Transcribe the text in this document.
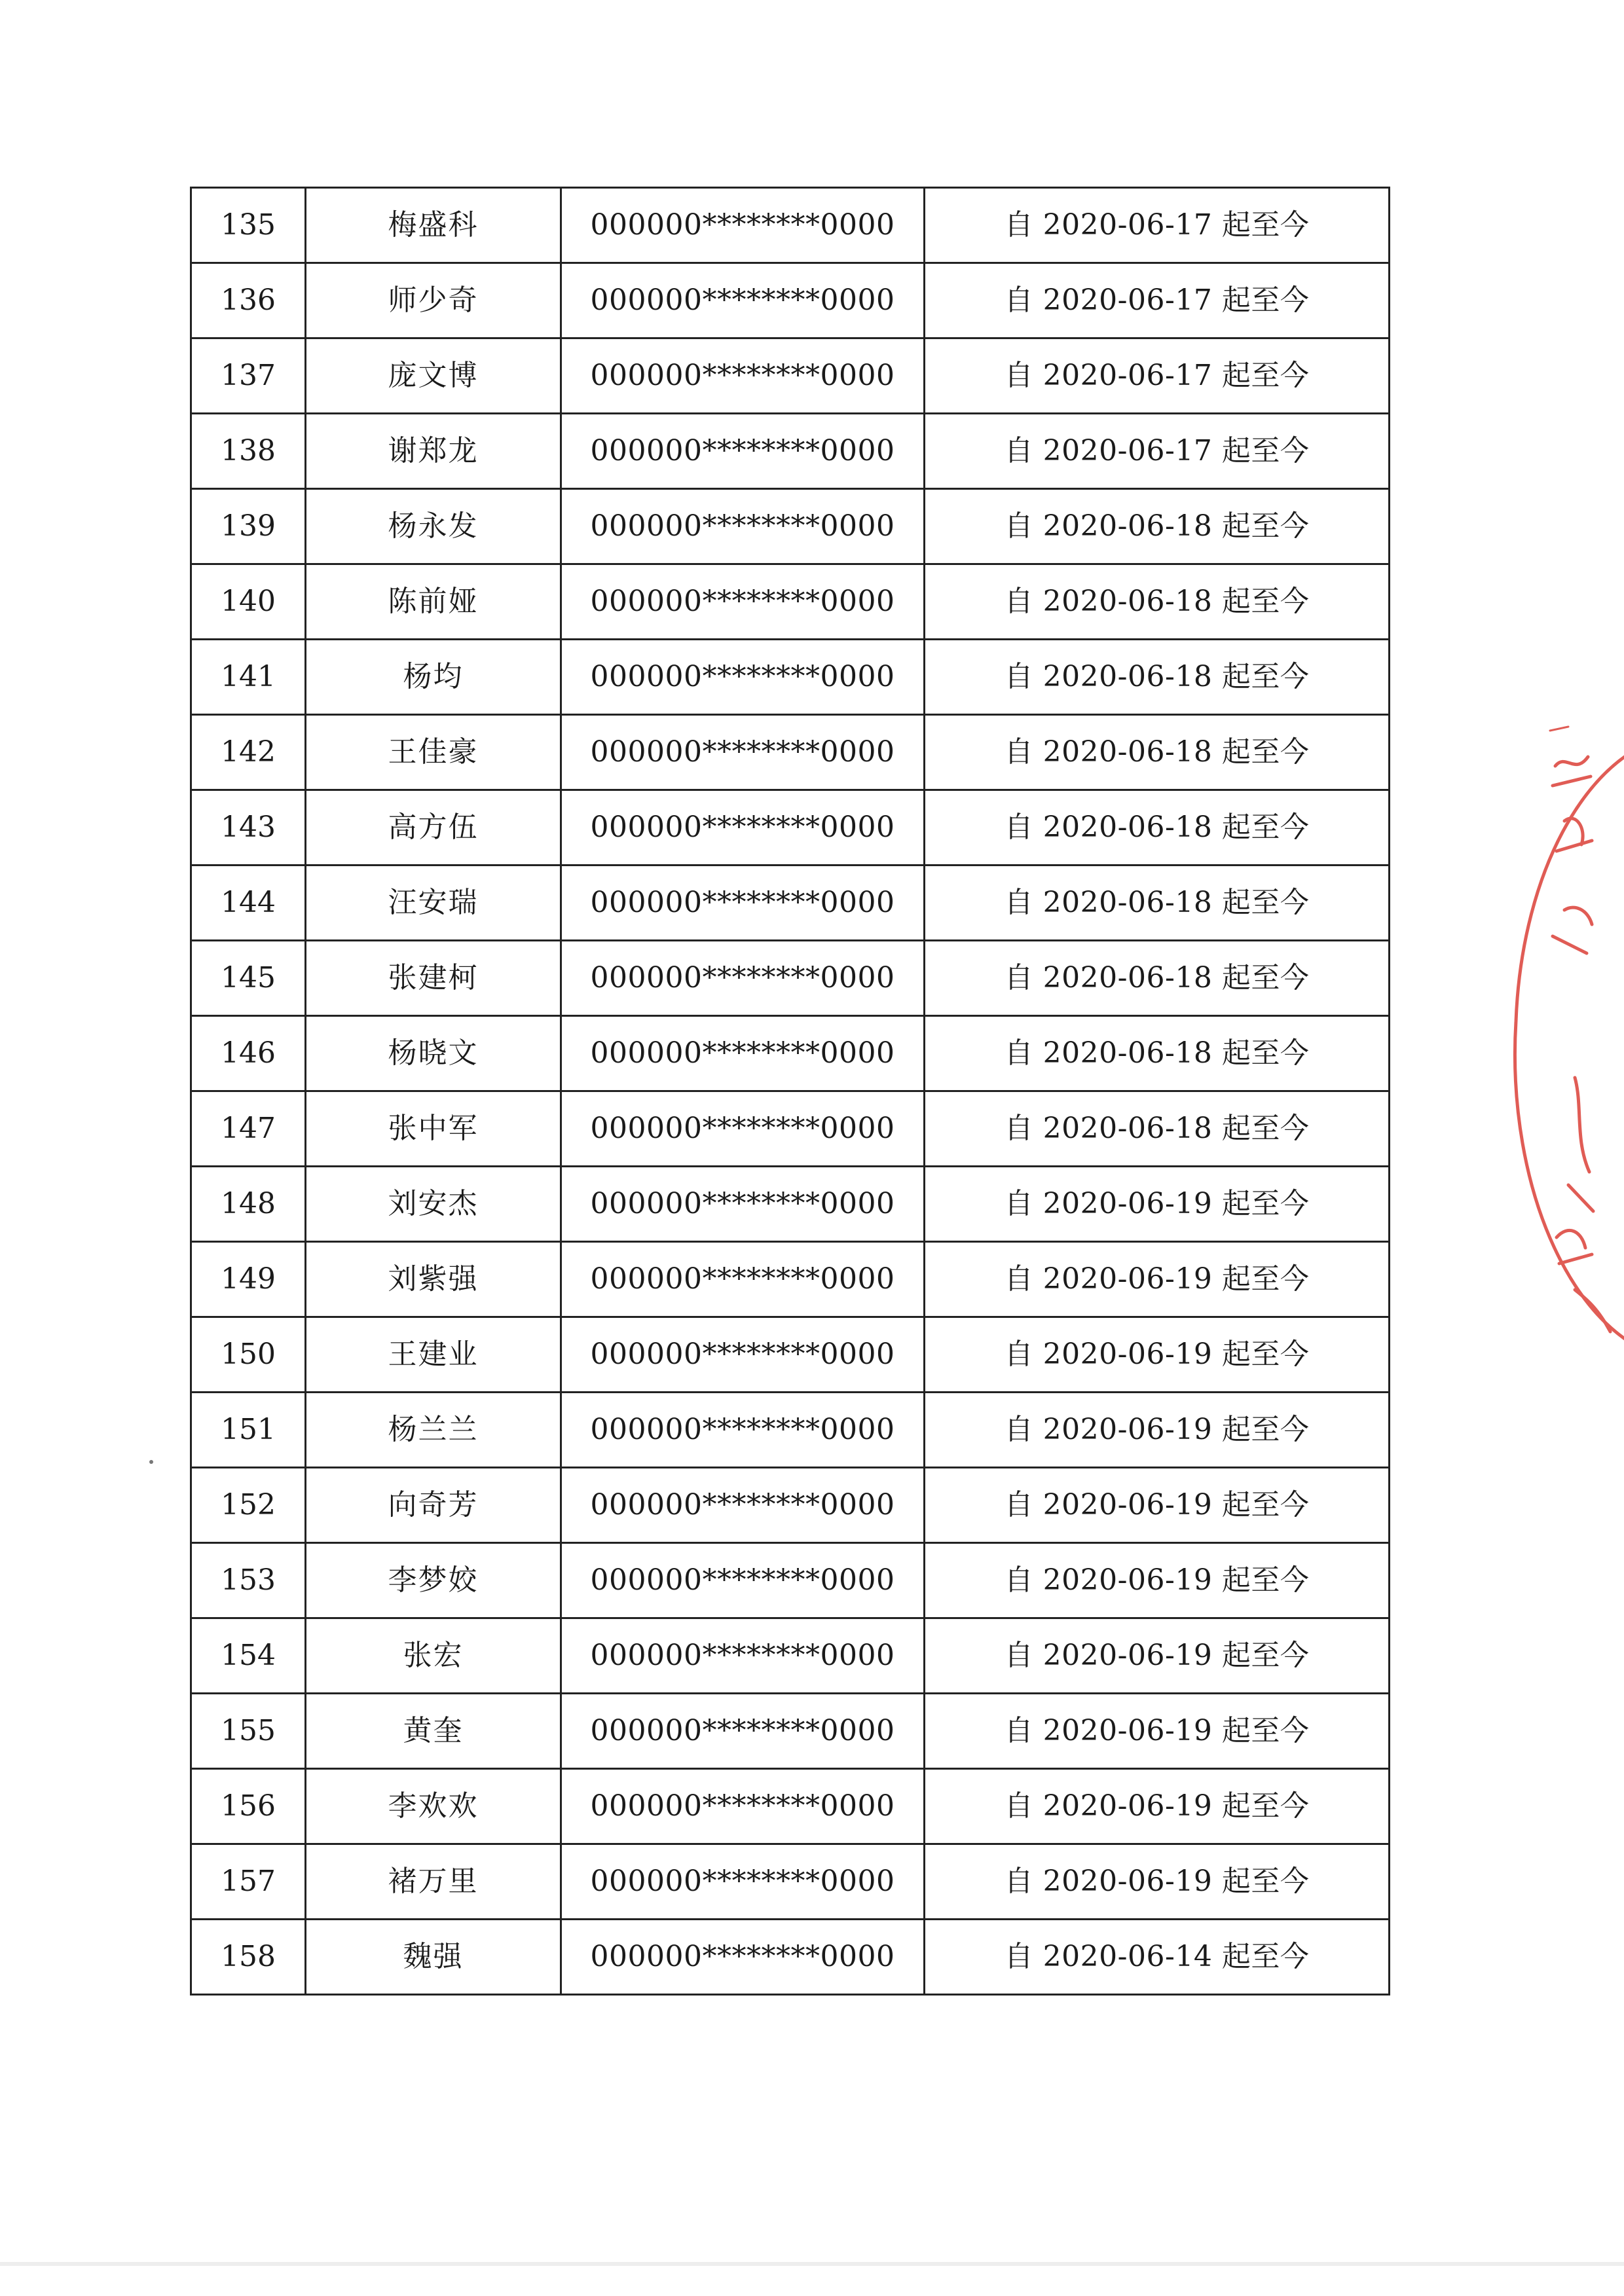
135	梅盛科	000000********0000	自 2020-06-17 起至今
136	师少奇	000000********0000	自 2020-06-17 起至今
137	庞文博	000000********0000	自 2020-06-17 起至今
138	谢郑龙	000000********0000	自 2020-06-17 起至今
139	杨永发	000000********0000	自 2020-06-18 起至今
140	陈前娅	000000********0000	自 2020-06-18 起至今
141	杨均	000000********0000	自 2020-06-18 起至今
142	王佳豪	000000********0000	自 2020-06-18 起至今
143	高方伍	000000********0000	自 2020-06-18 起至今
144	汪安瑞	000000********0000	自 2020-06-18 起至今
145	张建柯	000000********0000	自 2020-06-18 起至今
146	杨晓文	000000********0000	自 2020-06-18 起至今
147	张中军	000000********0000	自 2020-06-18 起至今
148	刘安杰	000000********0000	自 2020-06-19 起至今
149	刘紫强	000000********0000	自 2020-06-19 起至今
150	王建业	000000********0000	自 2020-06-19 起至今
151	杨兰兰	000000********0000	自 2020-06-19 起至今
152	向奇芳	000000********0000	自 2020-06-19 起至今
153	李梦姣	000000********0000	自 2020-06-19 起至今
154	张宏	000000********0000	自 2020-06-19 起至今
155	黄奎	000000********0000	自 2020-06-19 起至今
156	李欢欢	000000********0000	自 2020-06-19 起至今
157	褚万里	000000********0000	自 2020-06-19 起至今
158	魏强	000000********0000	自 2020-06-14 起至今
